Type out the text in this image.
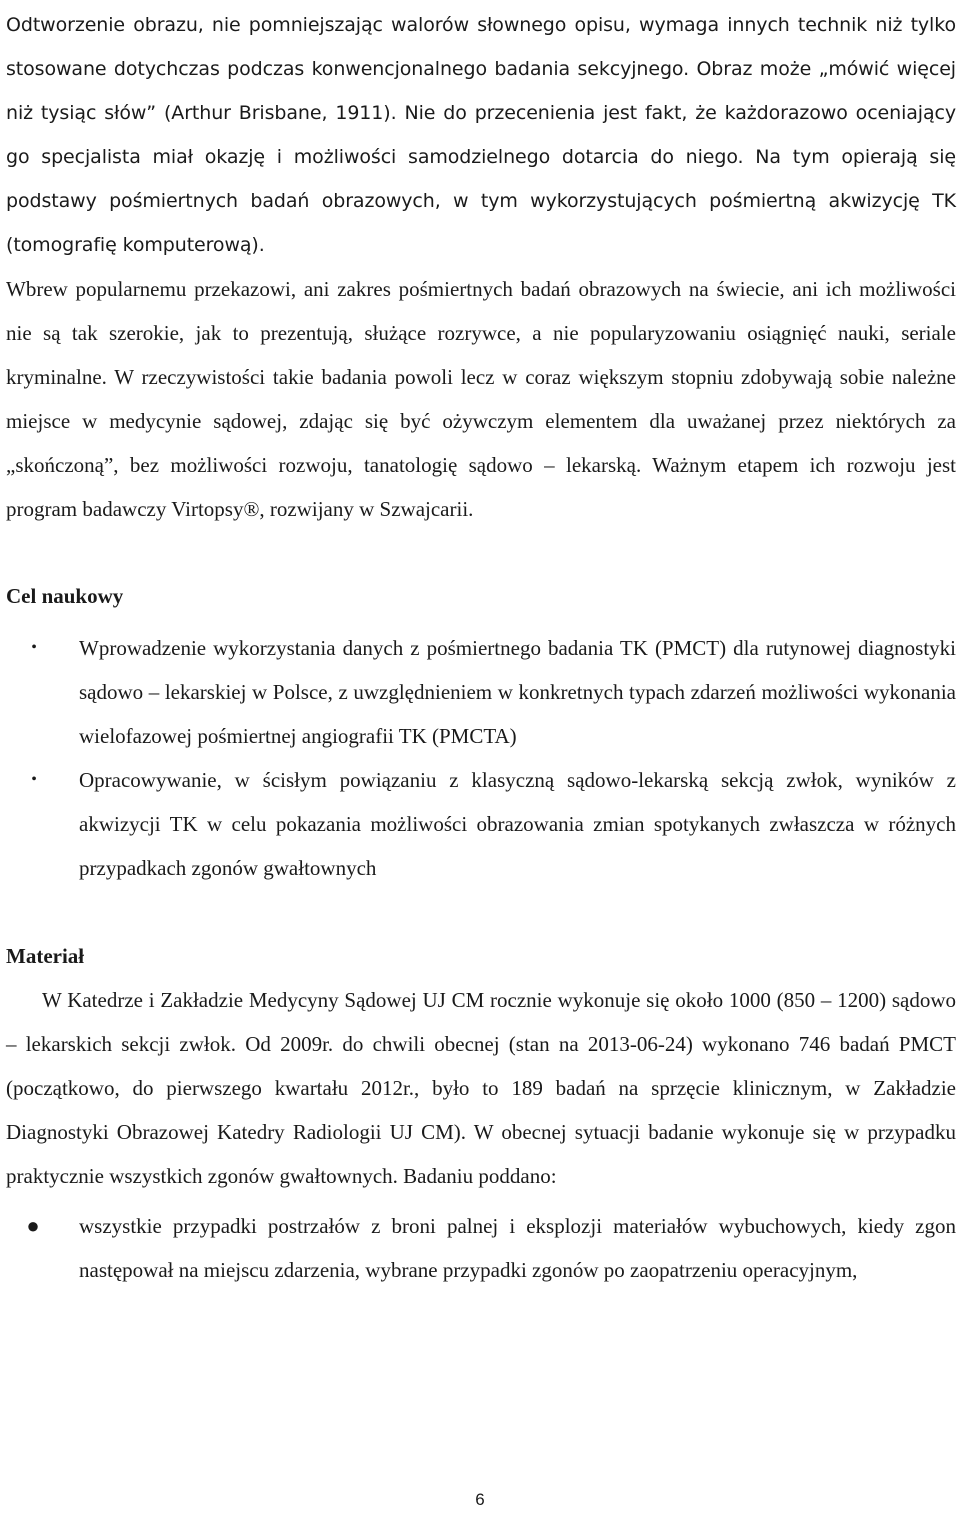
Odtworzenie obrazu, nie pomniejszając walorów słownego opisu, wymaga innych technik niż tylko stosowane dotychczas podczas konwencjonalnego badania sekcyjnego. Obraz może „mówić więcej niż tysiąc słów” (Arthur Brisbane, 1911). Nie do przecenienia jest fakt, że każdorazowo oceniający go specjalista miał okazję i możliwości samodzielnego dotarcia do niego. Na tym opierają się podstawy pośmiertnych badań obrazowych, w tym wykorzystujących pośmiertną akwizycję TK (tomografię komputerową).

Wbrew popularnemu przekazowi, ani zakres pośmiertnych badań obrazowych na świecie, ani ich możliwości nie są tak szerokie, jak to prezentują, służące rozrywce, a nie popularyzowaniu osiągnięć nauki, seriale kryminalne. W rzeczywistości takie badania powoli lecz w coraz większym stopniu zdobywają sobie należne miejsce w medycynie sądowej, zdając się być ożywczym elementem dla uważanej przez niektórych za „skończoną”, bez możliwości rozwoju, tanatologię sądowo – lekarską. Ważnym etapem ich rozwoju jest program badawczy Virtopsy®, rozwijany w Szwajcarii.

Cel naukowy
•	Wprowadzenie wykorzystania danych z pośmiertnego badania TK (PMCT) dla rutynowej diagnostyki sądowo – lekarskiej w Polsce, z uwzględnieniem w konkretnych typach zdarzeń możliwości wykonania wielofazowej pośmiertnej angiografii TK (PMCTA)
•	Opracowywanie, w ścisłym powiązaniu z klasyczną sądowo-lekarską sekcją zwłok, wyników z akwizycji TK w celu pokazania możliwości obrazowania zmian spotykanych zwłaszcza w różnych przypadkach zgonów gwałtownych
Materiał

W Katedrze i Zakładzie Medycyny Sądowej UJ CM rocznie wykonuje się około 1000 (850 – 1200) sądowo – lekarskich sekcji zwłok. Od 2009r. do chwili obecnej (stan na 2013-06-24) wykonano 746 badań PMCT (początkowo, do pierwszego kwartału 2012r., było to 189 badań na sprzęcie klinicznym, w Zakładzie Diagnostyki Obrazowej Katedry Radiologii UJ CM). W obecnej sytuacji badanie wykonuje się w przypadku praktycznie wszystkich zgonów gwałtownych. Badaniu poddano:

● wszystkie przypadki postrzałów z broni palnej i eksplozji materiałów wybuchowych, kiedy zgon następował na miejscu zdarzenia, wybrane przypadki zgonów po zaopatrzeniu operacyjnym,
6
